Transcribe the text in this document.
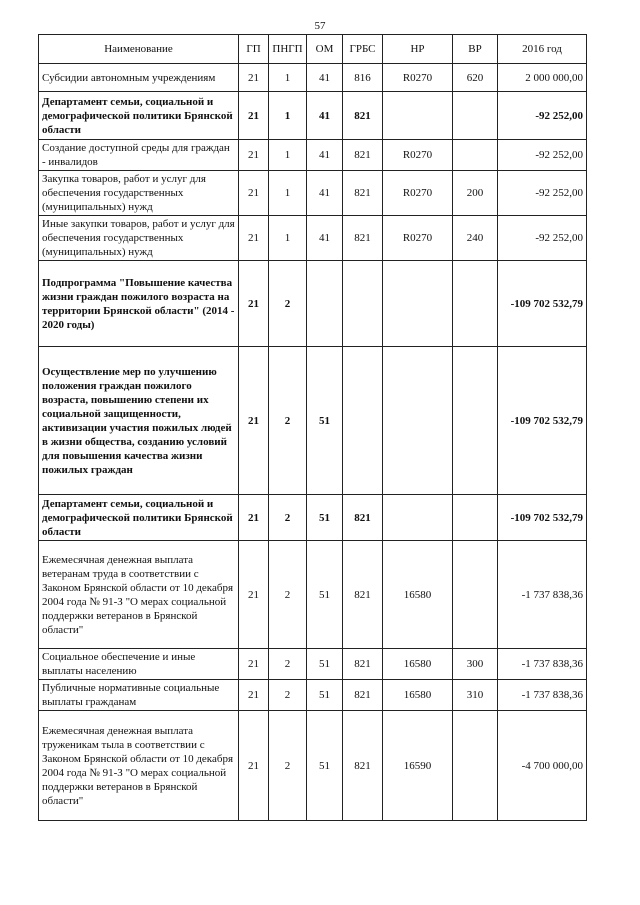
57
Наименование	ГП	ПНГП	ОМ	ГРБС	НР	ВР	2016 год
Субсидии автономным учреждениям	21	1	41	816	R0270	620	2 000 000,00
Департамент семьи, социальной и демографической политики Брянской области	21	1	41	821			-92 252,00
Создание доступной среды для граждан - инвалидов	21	1	41	821	R0270		-92 252,00
Закупка товаров, работ и услуг для обеспечения государственных (муниципальных) нужд	21	1	41	821	R0270	200	-92 252,00
Иные закупки товаров, работ и услуг для обеспечения государственных (муниципальных) нужд	21	1	41	821	R0270	240	-92 252,00
Подпрограмма "Повышение качества жизни граждан пожилого возраста на территории Брянской области" (2014 - 2020 годы)	21	2					-109 702 532,79
Осуществление мер по улучшению положения граждан пожилого возраста, повышению степени их социальной защищенности, активизации участия пожилых людей в жизни общества, созданию условий для повышения качества жизни пожилых граждан	21	2	51				-109 702 532,79
Департамент семьи, социальной и демографической политики Брянской области	21	2	51	821			-109 702 532,79
Ежемесячная денежная выплата ветеранам труда в соответствии с Законом Брянской области от 10 декабря 2004 года № 91-З "О мерах социальной поддержки ветеранов в Брянской области"	21	2	51	821	16580		-1 737 838,36
Социальное обеспечение и иные выплаты населению	21	2	51	821	16580	300	-1 737 838,36
Публичные нормативные социальные выплаты гражданам	21	2	51	821	16580	310	-1 737 838,36
Ежемесячная денежная выплата труженикам тыла в соответствии с Законом Брянской области от 10 декабря 2004 года № 91-З "О мерах социальной поддержки ветеранов в Брянской области"	21	2	51	821	16590		-4 700 000,00
